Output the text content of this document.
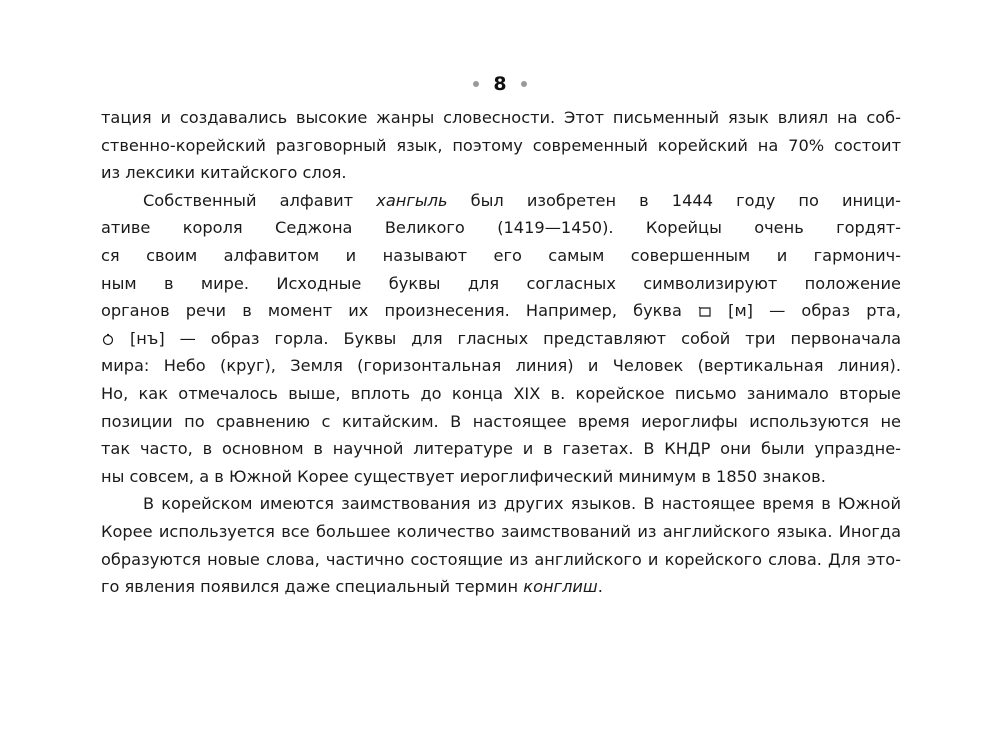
8
тация и создавались высокие жанры словесности. Этот письменный язык влиял на соб-
ственно-корейский разговорный язык, поэтому современный корейский на 70% состоит
из лексики китайского слоя.
Собственный алфавит хангыль был изобретен в 1444 году по иници-
ативе короля Седжона Великого (1419—1450). Корейцы очень гордят-
ся своим алфавитом и называют его самым совершенным и гармонич-
ным в мире. Исходные буквы для согласных символизируют положение
органов речи в момент их произнесения. Например, буква  [м] — образ рта,
[нъ] — образ горла. Буквы для гласных представляют собой три первоначала
мира: Небо (круг), Земля (горизонтальная линия) и Человек (вертикальная линия).
Но, как отмечалось выше, вплоть до конца XIX в. корейское письмо занимало вторые
позиции по сравнению с китайским. В настоящее время иероглифы используются не
так часто, в основном в научной литературе и в газетах. В КНДР они были упраздне-
ны совсем, а в Южной Корее существует иероглифический минимум в 1850 знаков.
В корейском имеются заимствования из других языков. В настоящее время в Южной
Корее используется все большее количество заимствований из английского языка. Иногда
образуются новые слова, частично состоящие из английского и корейского слова. Для это-
го явления появился даже специальный термин конглиш.
